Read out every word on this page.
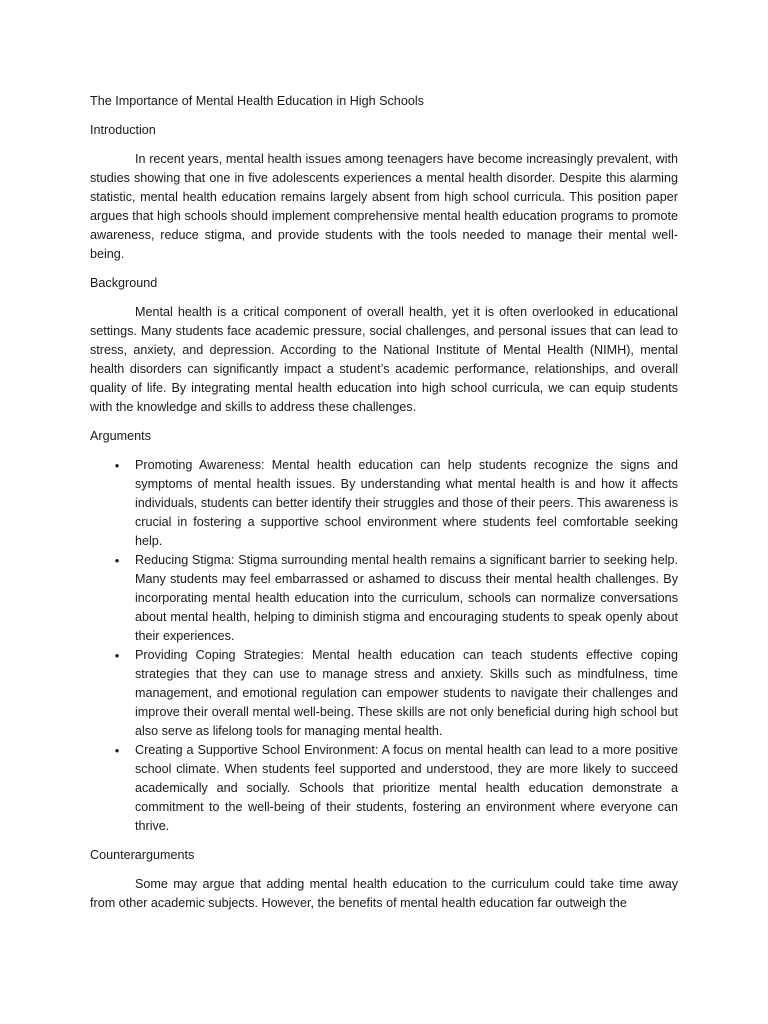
The Importance of Mental Health Education in High Schools

Introduction

In recent years, mental health issues among teenagers have become increasingly prevalent, with studies showing that one in five adolescents experiences a mental health disorder. Despite this alarming statistic, mental health education remains largely absent from high school curricula. This position paper argues that high schools should implement comprehensive mental health education programs to promote awareness, reduce stigma, and provide students with the tools needed to manage their mental well-being.

Background

Mental health is a critical component of overall health, yet it is often overlooked in educational settings. Many students face academic pressure, social challenges, and personal issues that can lead to stress, anxiety, and depression. According to the National Institute of Mental Health (NIMH), mental health disorders can significantly impact a student’s academic performance, relationships, and overall quality of life. By integrating mental health education into high school curricula, we can equip students with the knowledge and skills to address these challenges.

Arguments

•
Promoting Awareness: Mental health education can help students recognize the signs and symptoms of mental health issues. By understanding what mental health is and how it affects individuals, students can better identify their struggles and those of their peers. This awareness is crucial in fostering a supportive school environment where students feel comfortable seeking help.
•
Reducing Stigma: Stigma surrounding mental health remains a significant barrier to seeking help. Many students may feel embarrassed or ashamed to discuss their mental health challenges. By incorporating mental health education into the curriculum, schools can normalize conversations about mental health, helping to diminish stigma and encouraging students to speak openly about their experiences.
•
Providing Coping Strategies: Mental health education can teach students effective coping strategies that they can use to manage stress and anxiety. Skills such as mindfulness, time management, and emotional regulation can empower students to navigate their challenges and improve their overall mental well-being. These skills are not only beneficial during high school but also serve as lifelong tools for managing mental health.
•
Creating a Supportive School Environment: A focus on mental health can lead to a more positive school climate. When students feel supported and understood, they are more likely to succeed academically and socially. Schools that prioritize mental health education demonstrate a commitment to the well-being of their students, fostering an environment where everyone can thrive.

Counterarguments

Some may argue that adding mental health education to the curriculum could take time away from other academic subjects. However, the benefits of mental health education far outweigh the
